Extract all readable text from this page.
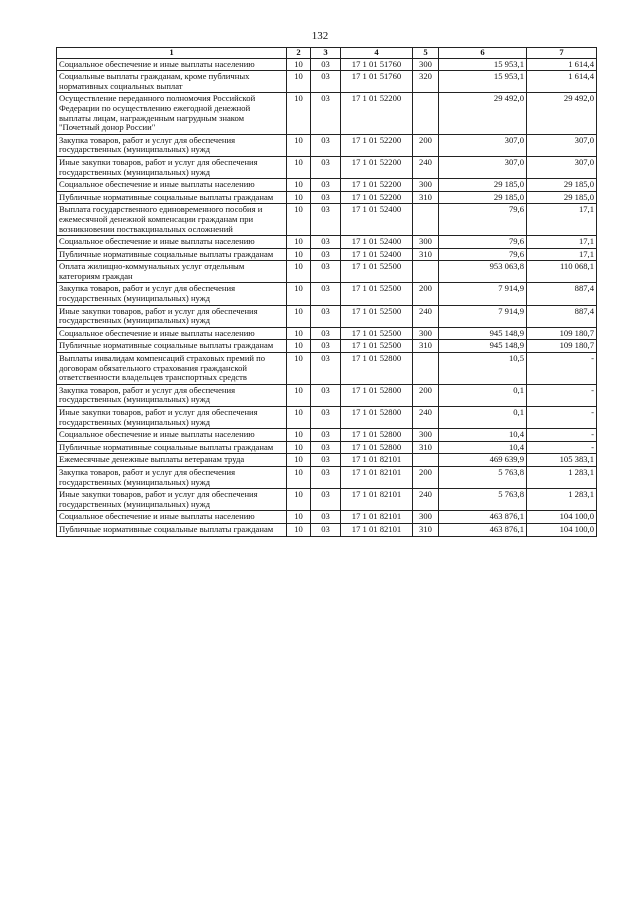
132
1	2	3	4	5	6	7
Социальное обеспечение и иные выплаты населению	10	03	17 1 01 51760	300	15 953,1	1 614,4
Социальные выплаты гражданам, кроме публичных нормативных социальных выплат	10	03	17 1 01 51760	320	15 953,1	1 614,4
Осуществление переданного полномочия Российской Федерации по осуществлению ежегодной денежной выплаты лицам, награжденным нагрудным знаком "Почетный донор России"	10	03	17 1 01 52200		29 492,0	29 492,0
Закупка товаров, работ и услуг для обеспечения государственных (муниципальных) нужд	10	03	17 1 01 52200	200	307,0	307,0
Иные закупки товаров, работ и услуг для обеспечения государственных (муниципальных) нужд	10	03	17 1 01 52200	240	307,0	307,0
Социальное обеспечение и иные выплаты населению	10	03	17 1 01 52200	300	29 185,0	29 185,0
Публичные нормативные социальные выплаты гражданам	10	03	17 1 01 52200	310	29 185,0	29 185,0
Выплата государственного единовременного пособия и ежемесячной денежной компенсации гражданам при возникновении поствакцинальных осложнений	10	03	17 1 01 52400		79,6	17,1
Социальное обеспечение и иные выплаты населению	10	03	17 1 01 52400	300	79,6	17,1
Публичные нормативные социальные выплаты гражданам	10	03	17 1 01 52400	310	79,6	17,1
Оплата жилищно-коммунальных услуг отдельным категориям граждан	10	03	17 1 01 52500		953 063,8	110 068,1
Закупка товаров, работ и услуг для обеспечения государственных (муниципальных) нужд	10	03	17 1 01 52500	200	7 914,9	887,4
Иные закупки товаров, работ и услуг для обеспечения государственных (муниципальных) нужд	10	03	17 1 01 52500	240	7 914,9	887,4
Социальное обеспечение и иные выплаты населению	10	03	17 1 01 52500	300	945 148,9	109 180,7
Публичные нормативные социальные выплаты гражданам	10	03	17 1 01 52500	310	945 148,9	109 180,7
Выплаты инвалидам компенсаций страховых премий по договорам обязательного страхования гражданской ответственности владельцев транспортных средств	10	03	17 1 01 52800		10,5	-
Закупка товаров, работ и услуг для обеспечения государственных (муниципальных) нужд	10	03	17 1 01 52800	200	0,1	-
Иные закупки товаров, работ и услуг для обеспечения государственных (муниципальных) нужд	10	03	17 1 01 52800	240	0,1	-
Социальное обеспечение и иные выплаты населению	10	03	17 1 01 52800	300	10,4	-
Публичные нормативные социальные выплаты гражданам	10	03	17 1 01 52800	310	10,4	-
Ежемесячные денежные выплаты ветеранам труда	10	03	17 1 01 82101		469 639,9	105 383,1
Закупка товаров, работ и услуг для обеспечения государственных (муниципальных) нужд	10	03	17 1 01 82101	200	5 763,8	1 283,1
Иные закупки товаров, работ и услуг для обеспечения государственных (муниципальных) нужд	10	03	17 1 01 82101	240	5 763,8	1 283,1
Социальное обеспечение и иные выплаты населению	10	03	17 1 01 82101	300	463 876,1	104 100,0
Публичные нормативные социальные выплаты гражданам	10	03	17 1 01 82101	310	463 876,1	104 100,0
